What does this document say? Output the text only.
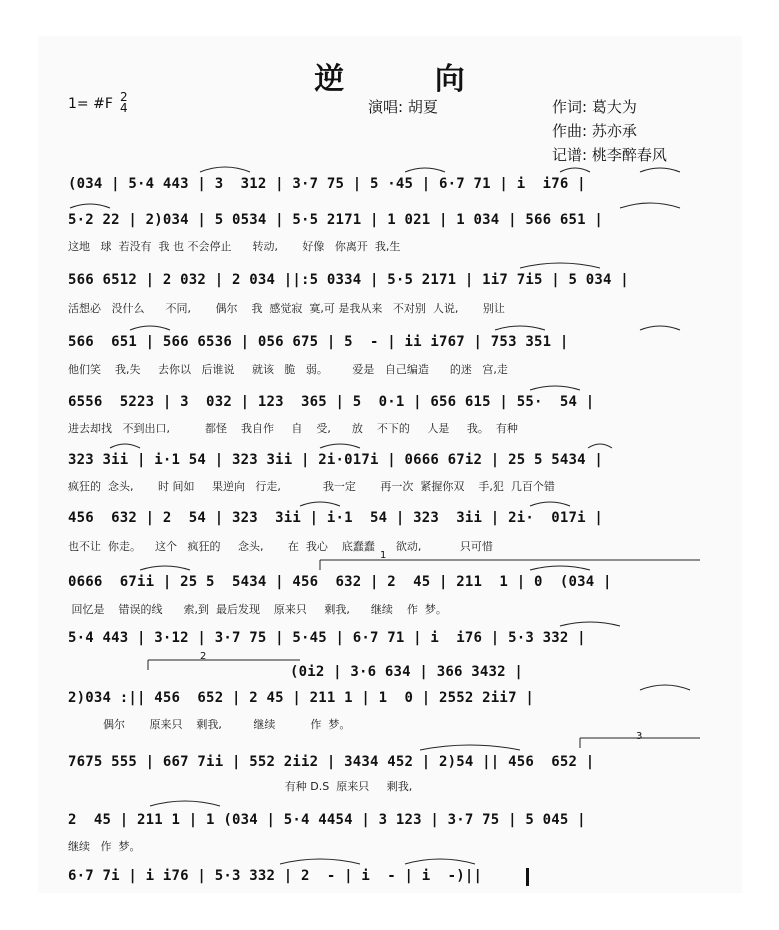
逆 向
1= #F 2
4	演唱: 胡夏	作词: 葛大为
作曲: 苏亦承
记谱: 桃李醉春风
(034 | 5·4 443 | 3  312 | 3·7 75 | 5 ·45 | 6·7 71 | i  i76 |
5·2 22 | 2)034 | 5 0534 | 5·5 2171 | 1 021 | 1 034 | 566 651 |
这地   球  若没有  我 也 不会停止      转动,       好像   你离开  我,生
566 6512 | 2 032 | 2 034 ||:5 0334 | 5·5 2171 | 1i7 7i5 | 5 034 |
活想必   没什么      不同,       偶尔    我  感觉寂  寞,可 是我从来   不对别  人说,       别让
566  651 | 566 6536 | 056 675 | 5  - | ii i767 | 753 351 |
他们笑    我,失     去你以   后谁说     就该   脆   弱。       爱是   自己编造      的迷   宫,走
6556  5223 | 3  032 | 123  365 | 5  0·1 | 656 615 | 55·  54 |
进去却找   不到出口,          都怪    我自作     自    受,      放    不下的     人是     我。  有种
323 3ii | i·1 54 | 323 3ii | 2i·017i | 0666 67i2 | 25 5 5434 |
疯狂的  念头,       时 间如     果逆向   行走,            我一定       再一次  紧握你双    手,犯  几百个错
456  632 | 2  54 | 323  3ii | i·1  54 | 323  3ii | 2i·  017i |
也不让  你走。    这个   疯狂的     念头,       在  我心    底蠢蠢      欲动,           只可惜
0666  67ii | 25 5  5434 | 456  632 | 2  45 | 211  1 | 0  (034 |
回忆是    错误的线      索,到  最后发现    原来只     剩我,      继续    作  梦。
5·4 443 | 3·12 | 3·7 75 | 5·45 | 6·7 71 | i  i76 | 5·3 332 |
(0i2 | 3·6 634 | 366 3432 |
2)034 :|| 456  652 | 2 45 | 211 1 | 1  0 | 2552 2ii7 |
偶尔       原来只    剩我,         继续          作  梦。
7675 555 | 667 7ii | 552 2ii2 | 3434 452 | 2)54 || 456  652 |
有种 D.S  原来只     剩我,
2  45 | 211 1 | 1 (034 | 5·4 4454 | 3 123 | 3·7 75 | 5 045 |
继续   作  梦。
6·7 7i | i i76 | 5·3 332 | 2  - | i  - | i  -)||
1
2
3
